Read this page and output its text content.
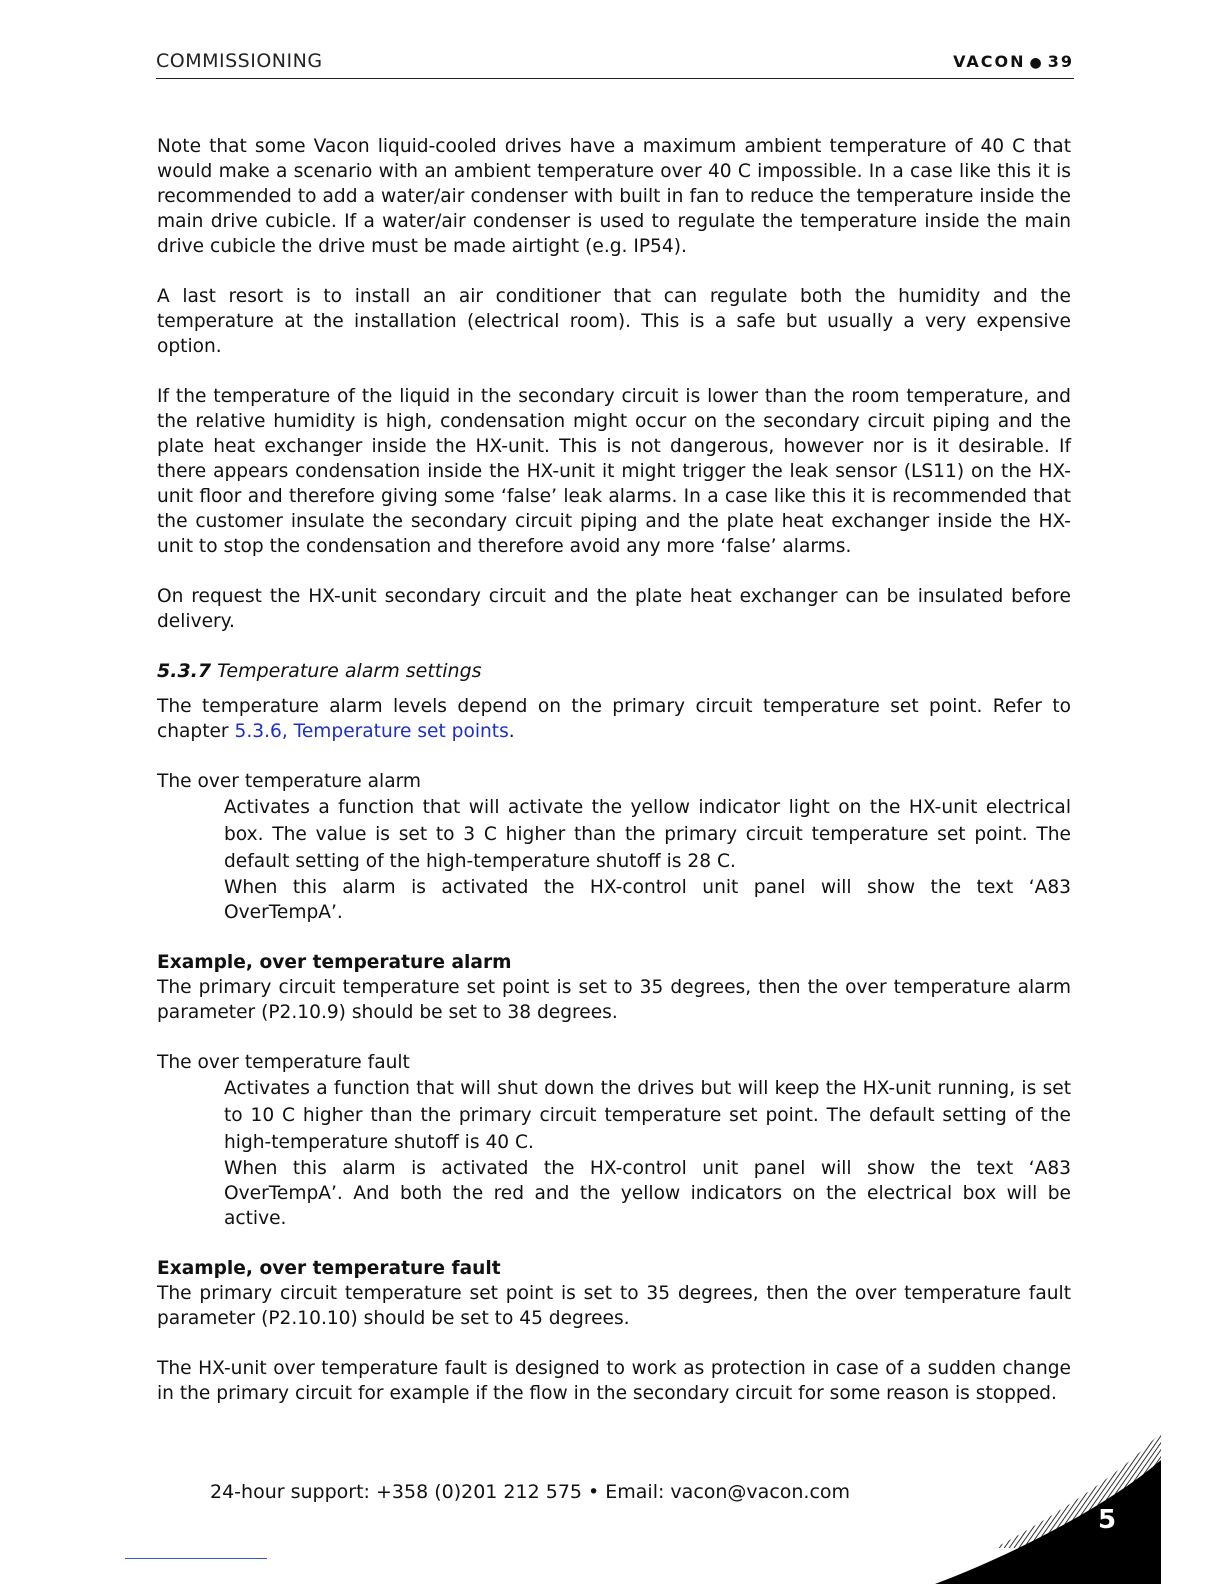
COMMISSIONING	VACON ● 39

Note that some Vacon liquid-cooled drives have a maximum ambient temperature of 40 C that would make a scenario with an ambient temperature over 40 C impossible. In a case like this it is recommended to add a water/air condenser with built in fan to reduce the temperature inside the main drive cubicle. If a water/air condenser is used to regulate the temperature inside the main drive cubicle the drive must be made airtight (e.g. IP54).

A last resort is to install an air conditioner that can regulate both the humidity and the temperature at the installation (electrical room). This is a safe but usually a very expensive option.

If the temperature of the liquid in the secondary circuit is lower than the room temperature, and the relative humidity is high, condensation might occur on the secondary circuit piping and the plate heat exchanger inside the HX-unit. This is not dangerous, however nor is it desirable. If there appears condensation inside the HX-unit it might trigger the leak sensor (LS11) on the HX-unit floor and therefore giving some ‘false’ leak alarms. In a case like this it is recommended that the customer insulate the secondary circuit piping and the plate heat exchanger inside the HX-unit to stop the condensation and therefore avoid any more ‘false’ alarms.

On request the HX-unit secondary circuit and the plate heat exchanger can be insulated before delivery.

5.3.7 Temperature alarm settings

The temperature alarm levels depend on the primary circuit temperature set point. Refer to chapter 5.3.6, Temperature set points.

The over temperature alarm

Activates a function that will activate the yellow indicator light on the HX-unit electrical box. The value is set to 3 C higher than the primary circuit temperature set point. The default setting of the high-temperature shutoff is 28 C.

When this alarm is activated the HX-control unit panel will show the text ‘A83 OverTempA’.

Example, over temperature alarm

The primary circuit temperature set point is set to 35 degrees, then the over temperature alarm parameter (P2.10.9) should be set to 38 degrees.

The over temperature fault

Activates a function that will shut down the drives but will keep the HX-unit running, is set to 10 C higher than the primary circuit temperature set point. The default setting of the high-temperature shutoff is 40 C.

When this alarm is activated the HX-control unit panel will show the text ‘A83 OverTempA’. And both the red and the yellow indicators on the electrical box will be active.

Example, over temperature fault

The primary circuit temperature set point is set to 35 degrees, then the over temperature fault parameter (P2.10.10) should be set to 45 degrees.

The HX-unit over temperature fault is designed to work as protection in case of a sudden change in the primary circuit for example if the flow in the secondary circuit for some reason is stopped.

24-hour support: +358 (0)201 212 575 • Email: vacon@vacon.com
5
